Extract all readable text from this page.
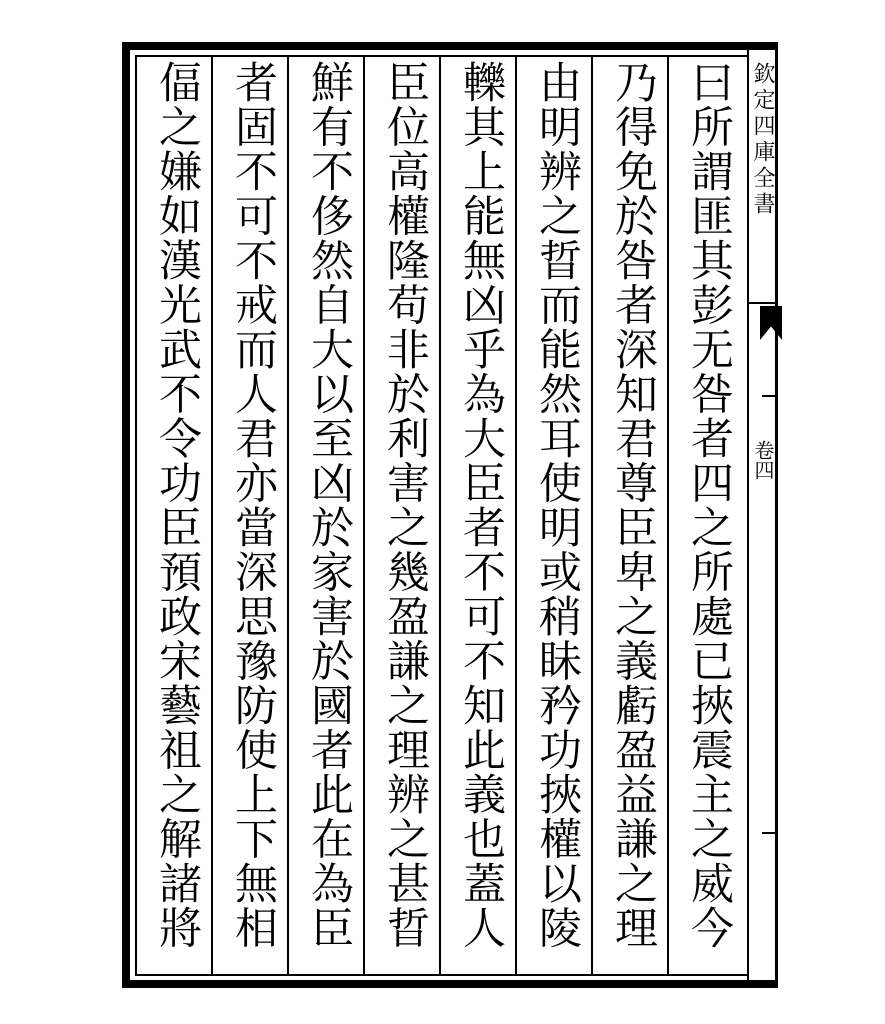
曰所謂匪其彭无咎者四之所處已挾震主之威今
乃得免於咎者深知君尊臣卑之義虧盈益謙之理
由明辨之晢而能然耳使明或稍眛矜功挾權以陵
轢其上能無凶乎為大臣者不可不知此義也蓋人
臣位高權隆苟非於利害之幾盈謙之理辨之甚晢
鮮有不侈然自大以至凶於家害於國者此在為臣
者固不可不戒而人君亦當深思豫防使上下無相
偪之嫌如漢光武不令功臣預政宋藝祖之解諸將	欽定四庫全書
卷四
